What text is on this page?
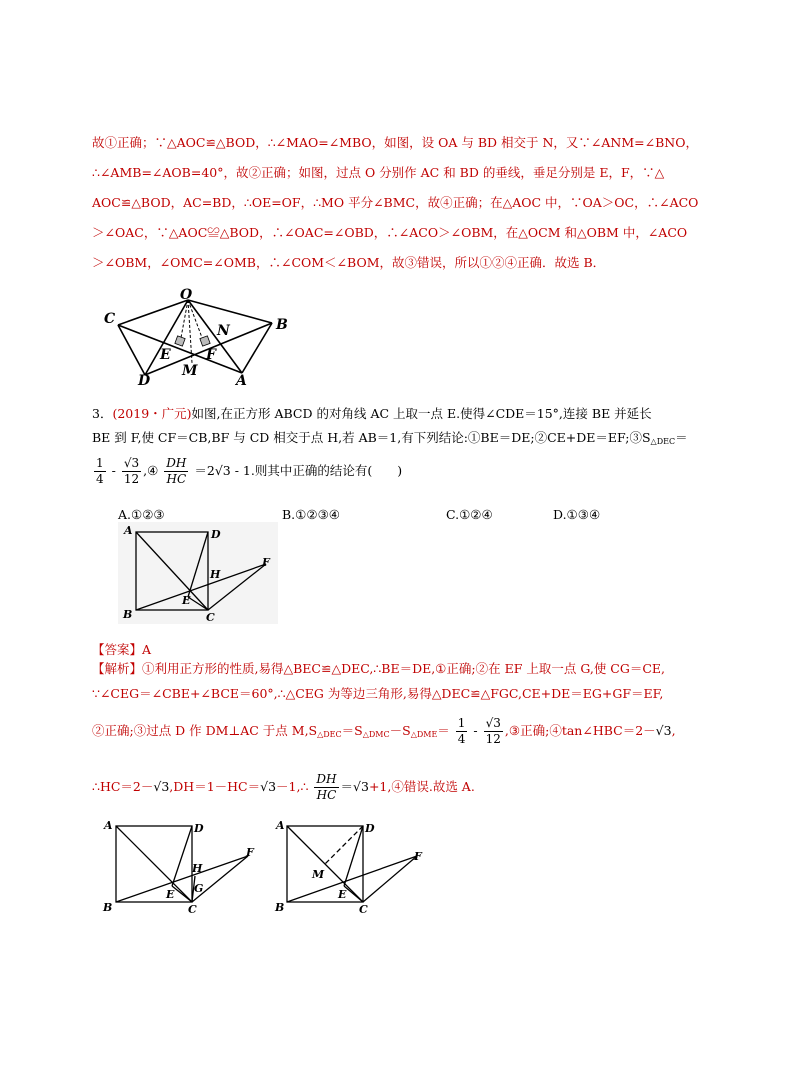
故①正确；∵△AOC≌△BOD，∴∠MAO=∠MBO，如图，设 OA 与 BD 相交于 N，又∵∠ANM=∠BNO，
∴∠AMB=∠AOB=40°，故②正确；如图，过点 O 分别作 AC 和 BD 的垂线，垂足分别是 E，F，∵△
AOC≌△BOD，AC=BD，∴OE=OF，∴MO 平分∠BMC，故④正确；在△AOC 中，∵OA＞OC，∴∠ACO
＞∠OAC，∵△AOC≌△BOD，∴∠OAC=∠OBD，∴∠ACO＞∠OBM，在△OCM 和△OBM 中，∠ACO
＞∠OBM，∠OMC=∠OMB，∴∠COM＜∠BOM，故③错误，所以①②④正确．故选 B．
O
C	B
N
E	F
D
M
A
3．(2019・广元)如图,在正方形 ABCD 的对角线 AC 上取一点 E.使得∠CDE＝15°,连接 BE 并延长
BE 到 F,使 CF＝CB,BF 与 CD 相交于点 H,若 AB＝1,有下列结论$:①BE=DE;②CE+DE=EF;③S_{\triangle DEC}=$
$\frac{1}{4} - \frac{√3}{12}$ ,④ $\frac{DH}{HC} =2√3 - 1$.则其中正确的结论有(　　)
A.①②③	B.①②③④	C.①②④	D.①③④
A	D
H
F
E
B	C
【答案】A
【解析】①利用正方形的性质,易得△BEC≌△DEC,∴BE＝DE,①正确;②在 EF 上取一点 G,使 CG＝CE,
∵∠CEG＝∠CBE+∠BCE＝60°,∴△CEG 为等边三角形,易得△DEC≌△FGC,CE+DE＝EG+GF＝EF,
②正确;③过点 D 作 DM⊥AC 于点 $M,S_{\triangle DEC}=S_{\triangle DMC}-S_{\triangle DME}= \frac{1}{4} - \frac{√3}{12}$ ,③正确;④tan∠HBC＝2－√3,
∴HC＝2－√3,DH＝1－HC＝√3－1,∴ $\frac{DH}{HC}$ ＝√3+1,④错误.故选 A.
A	D
H
F
E G
B	C
A	D
M
F
E
B	C
